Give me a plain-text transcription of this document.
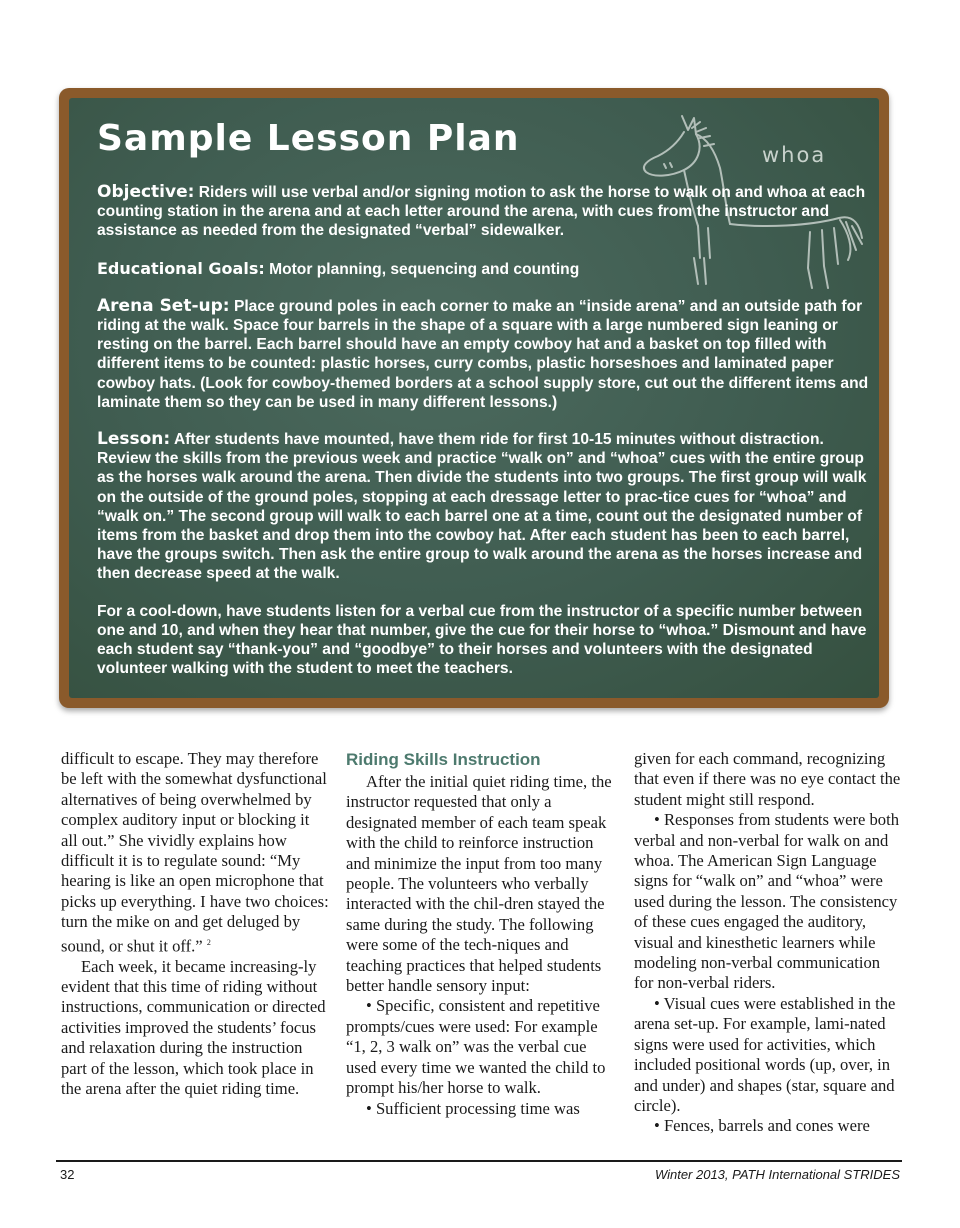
Sample Lesson Plan	whoa

Objective: Riders will use verbal and/or signing motion to ask the horse to walk on and whoa at each counting station in the arena and at each letter around the arena, with cues from the instructor and assistance as needed from the designated “verbal” sidewalker.

Educational Goals: Motor planning, sequencing and counting

Arena Set-up: Place ground poles in each corner to make an “inside arena” and an outside path for riding at the walk. Space four barrels in the shape of a square with a large numbered sign leaning or resting on the barrel. Each barrel should have an empty cowboy hat and a basket on top filled with different items to be counted: plastic horses, curry combs, plastic horseshoes and laminated paper cowboy hats. (Look for cowboy-themed borders at a school supply store, cut out the different items and laminate them so they can be used in many different lessons.)

Lesson: After students have mounted, have them ride for first 10-15 minutes without distraction. Review the skills from the previous week and practice “walk on” and “whoa” cues with the entire group as the horses walk around the arena. Then divide the students into two groups. The first group will walk on the outside of the ground poles, stopping at each dressage letter to prac-tice cues for “whoa” and “walk on.” The second group will walk to each barrel one at a time, count out the designated number of items from the basket and drop them into the cowboy hat. After each student has been to each barrel, have the groups switch. Then ask the entire group to walk around the arena as the horses increase and then decrease speed at the walk.

For a cool-down, have students listen for a verbal cue from the instructor of a specific number between one and 10, and when they hear that number, give the cue for their horse to “whoa.” Dismount and have each student say “thank-you” and “goodbye” to their horses and volunteers with the designated volunteer walking with the student to meet the teachers.

difficult to escape. They may therefore be left with the somewhat dysfunctional alternatives of being overwhelmed by complex auditory input or blocking it all out.” She vividly explains how difficult it is to regulate sound: “My hearing is like an open microphone that picks up everything. I have two choices: turn the mike on and get deluged by sound, or shut it off.” $^2$

Each week, it became increasing-ly evident that this time of riding without instructions, communication or directed activities improved the students’ focus and relaxation during the instruction part of the lesson, which took place in the arena after the quiet riding time.

Riding Skills Instruction

After the initial quiet riding time, the instructor requested that only a designated member of each team speak with the child to reinforce instruction and minimize the input from too many people. The volunteers who verbally interacted with the chil-dren stayed the same during the study. The following were some of the tech-niques and teaching practices that helped students better handle sensory input:

• Specific, consistent and repetitive prompts/cues were used: For example “1, 2, 3 walk on” was the verbal cue used every time we wanted the child to prompt his/her horse to walk.

• Sufficient processing time was

given for each command, recognizing that even if there was no eye contact the student might still respond.

• Responses from students were both verbal and non-verbal for walk on and whoa. The American Sign Language signs for “walk on” and “whoa” were used during the lesson. The consistency of these cues engaged the auditory, visual and kinesthetic learners while modeling non-verbal communication for non-verbal riders.

• Visual cues were established in the arena set-up. For example, lami-nated signs were used for activities, which included positional words (up, over, in and under) and shapes (star, square and circle).

• Fences, barrels and cones were

32	Winter 2013, PATH International STRIDES
